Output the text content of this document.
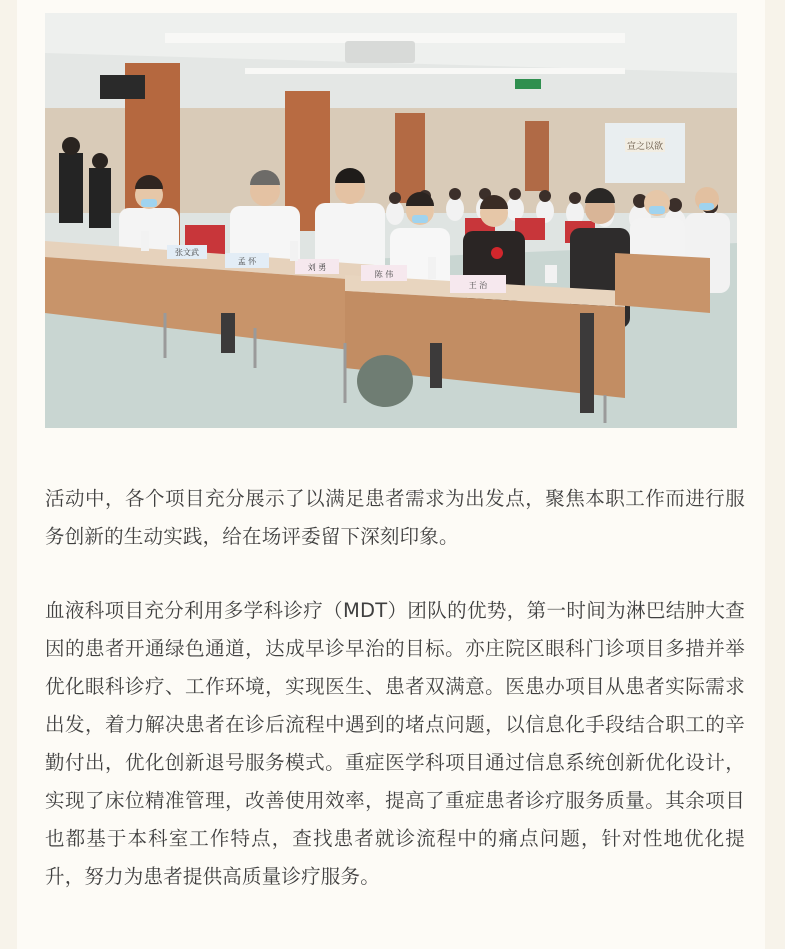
宣之以欲
张文武
孟 怀
刘 勇
陈 伟
王 治

活动中，各个项目充分展示了以满足患者需求为出发点，聚焦本职工作而进行服务创新的生动实践，给在场评委留下深刻印象。

血液科项目充分利用多学科诊疗（MDT）团队的优势，第一时间为淋巴结肿大查因的患者开通绿色通道，达成早诊早治的目标。亦庄院区眼科门诊项目多措并举优化眼科诊疗、工作环境，实现医生、患者双满意。医患办项目从患者实际需求出发，着力解决患者在诊后流程中遇到的堵点问题，以信息化手段结合职工的辛勤付出，优化创新退号服务模式。重症医学科项目通过信息系统创新优化设计，实现了床位精准管理，改善使用效率，提高了重症患者诊疗服务质量。其余项目也都基于本科室工作特点，查找患者就诊流程中的痛点问题，针对性地优化提升，努力为患者提供高质量诊疗服务。
